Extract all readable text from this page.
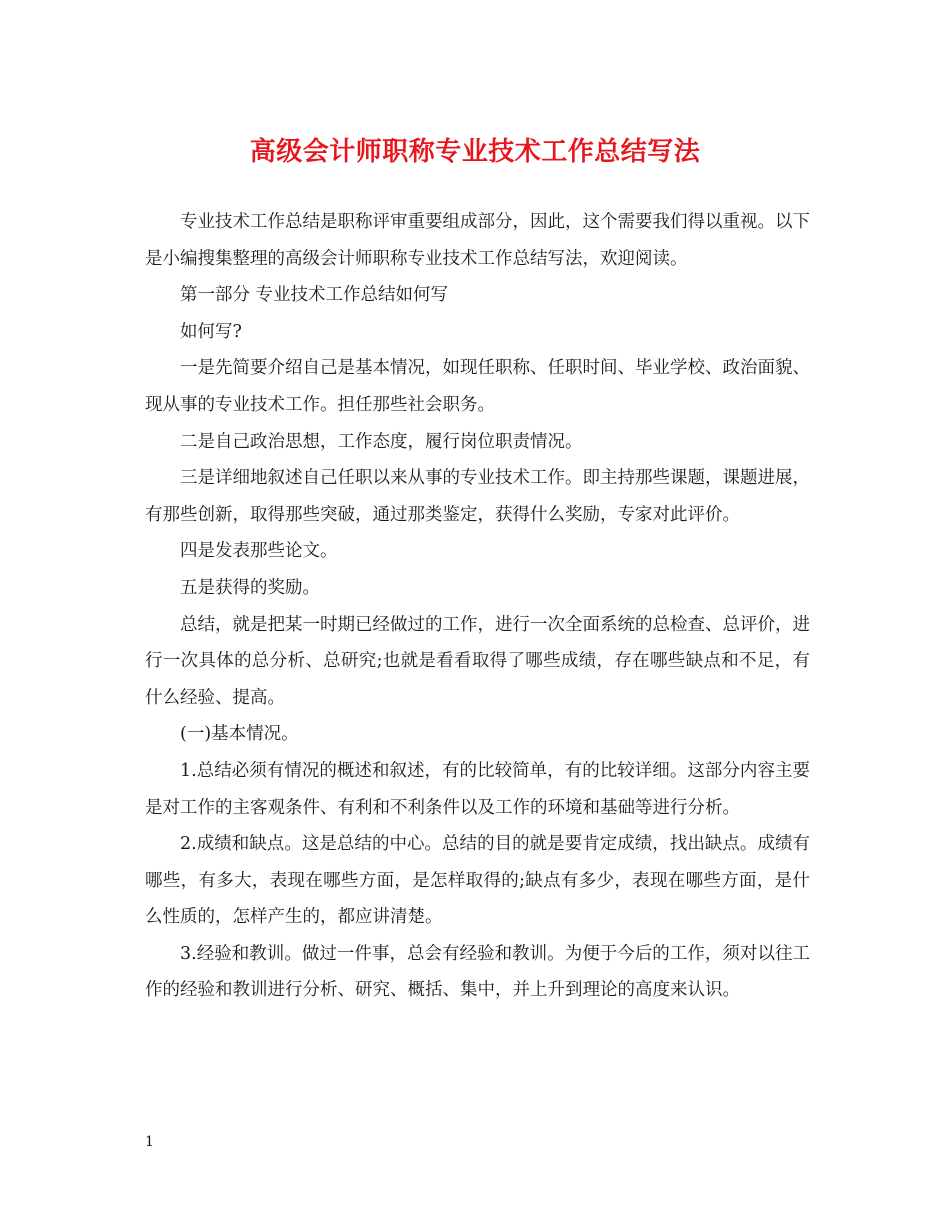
高级会计师职称专业技术工作总结写法

专业技术工作总结是职称评审重要组成部分，因此，这个需要我们得以重视。以下是小编搜集整理的高级会计师职称专业技术工作总结写法，欢迎阅读。

第一部分 专业技术工作总结如何写

如何写?

一是先简要介绍自己是基本情况，如现任职称、任职时间、毕业学校、政治面貌、现从事的专业技术工作。担任那些社会职务。

二是自己政治思想，工作态度，履行岗位职责情况。

三是详细地叙述自己任职以来从事的专业技术工作。即主持那些课题，课题进展，有那些创新，取得那些突破，通过那类鉴定，获得什么奖励，专家对此评价。

四是发表那些论文。

五是获得的奖励。

总结，就是把某一时期已经做过的工作，进行一次全面系统的总检查、总评价，进行一次具体的总分析、总研究;也就是看看取得了哪些成绩，存在哪些缺点和不足，有什么经验、提高。

(一)基本情况。

1.总结必须有情况的概述和叙述，有的比较简单，有的比较详细。这部分内容主要是对工作的主客观条件、有利和不利条件以及工作的环境和基础等进行分析。

2.成绩和缺点。这是总结的中心。总结的目的就是要肯定成绩，找出缺点。成绩有哪些，有多大，表现在哪些方面，是怎样取得的;缺点有多少，表现在哪些方面，是什么性质的，怎样产生的，都应讲清楚。

3.经验和教训。做过一件事，总会有经验和教训。为便于今后的工作，须对以往工作的经验和教训进行分析、研究、概括、集中，并上升到理论的高度来认识。

1
